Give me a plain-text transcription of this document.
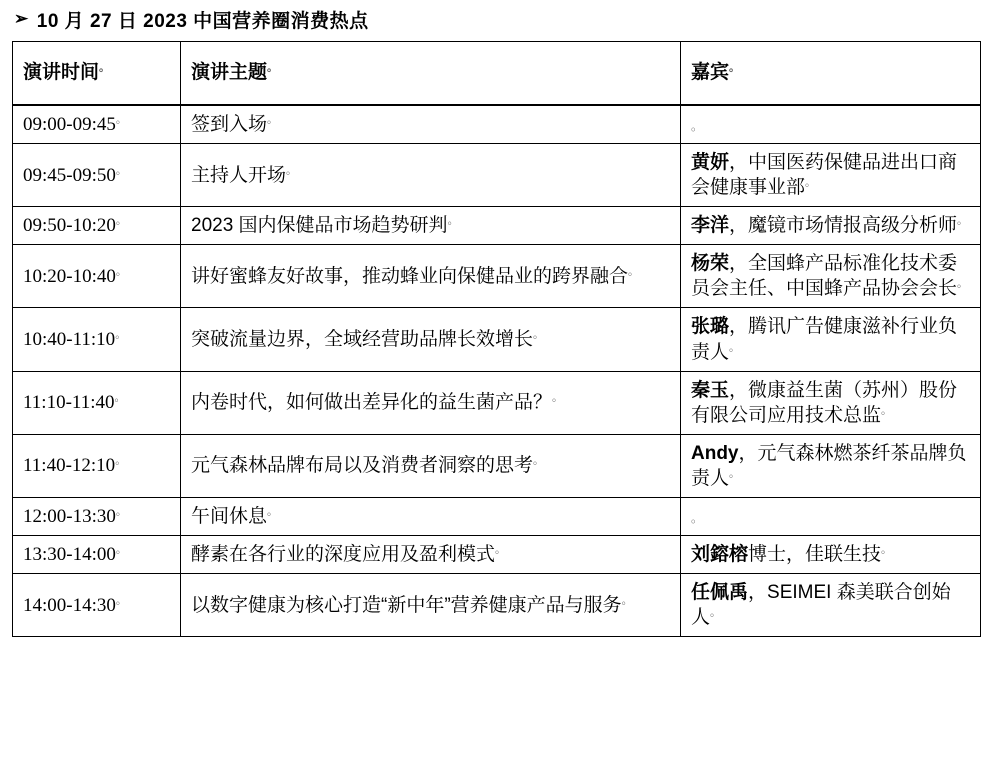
➢ 10 月 27 日 2023 中国营养圈消费热点
演讲时间。	演讲主题。	嘉宾。
09:00-09:45。	签到入场。	。
09:45-09:50。	主持人开场。	黄妍，中国医药保健品进出口商会健康事业部。
09:50-10:20。	2023 国内保健品市场趋势研判。	李洋，魔镜市场情报高级分析师。
10:20-10:40。	讲好蜜蜂友好故事，推动蜂业向保健品业的跨界融合。	杨荣，全国蜂产品标准化技术委员会主任、中国蜂产品协会会长。
10:40-11:10。	突破流量边界，全域经营助品牌长效增长。	张璐，腾讯广告健康滋补行业负责人。
11:10-11:40。	内卷时代，如何做出差异化的益生菌产品？。	秦玉，微康益生菌（苏州）股份有限公司应用技术总监。
11:40-12:10。	元气森林品牌布局以及消费者洞察的思考。	Andy，元气森林燃茶纤茶品牌负责人。
12:00-13:30。	午间休息。	。
13:30-14:00。	酵素在各行业的深度应用及盈利模式。	刘鎔榕博士，佳联生技。
14:00-14:30。	以数字健康为核心打造“新中年”营养健康产品与服务。	任佩禹，SEIMEI 森美联合创始人。
